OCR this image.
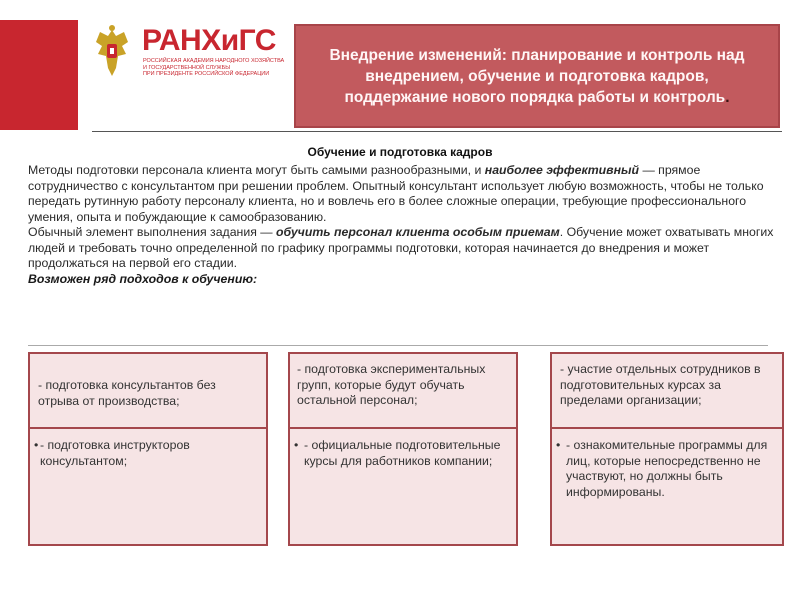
РАНХиГС
РОССИЙСКАЯ АКАДЕМИЯ НАРОДНОГО ХОЗЯЙСТВА
И ГОСУДАРСТВЕННОЙ СЛУЖБЫ
ПРИ ПРЕЗИДЕНТЕ РОССИЙСКОЙ ФЕДЕРАЦИИ
Внедрение изменений: планирование и контроль над внедрением, обучение и подготовка кадров, поддержание нового порядка работы и контроль.
Обучение и подготовка кадров

Методы подготовки персонала клиента могут быть самыми разнообразными, и наиболее эффективный — прямое сотрудничество с консультантом при решении проблем. Опытный консультант использует любую возможность, чтобы не только передать рутинную работу персоналу клиента, но и вовлечь его в более сложные операции, требующие профессионального умения, опыта и побуждающие к самообразованию.

Обычный элемент выполнения задания — обучить персонал клиента особым приемам. Обучение может охватывать многих людей и требовать точно определенной по графику программы подготовки, которая начинается до внедрения и может продолжаться на первой его стадии.

Возможен ряд подходов к обучению:

- подготовка консультантов без отрыва от производства;
• - подготовка инструкторов консультантом;
- подготовка экспериментальных групп, которые будут обучать остальной персонал;
• - официальные подготовительные курсы для работников компании;
- участие отдельных сотрудников в подготовительных курсах за пределами организации;
• - ознакомительные программы для лиц, которые непосредственно не участвуют, но должны быть информированы.
